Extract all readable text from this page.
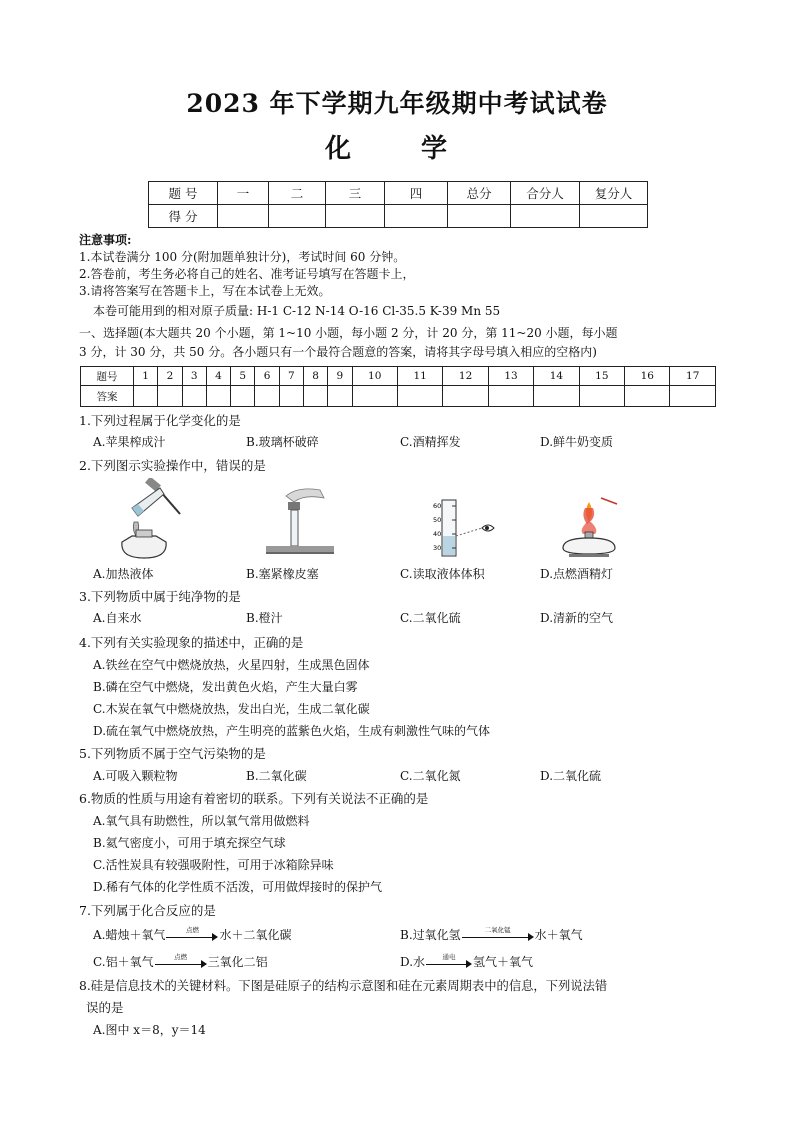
2023 年下学期九年级期中考试试卷
化　学
题 号	一	二	三	四	总分	合分人	复分人
得 分							
注意事项:
1.本试卷满分 100 分(附加题单独计分)，考试时间 60 分钟。
2.答卷前，考生务必将自己的姓名、准考证号填写在答题卡上，
3.请将答案写在答题卡上，写在本试卷上无效。
本卷可能用到的相对原子质量: H-1 C-12 N-14 O-16 Cl-35.5 K-39 Mn 55
一、选择题(本大题共 20 个小题，第 1~10 小题，每小题 2 分，计 20 分，第 11~20 小题，每小题
3 分，计 30 分，共 50 分。各小题只有一个最符合题意的答案，请将其字母号填入相应的空格内)
题号	1	2	3	4	5	6	7	8	9	10	11	12	13	14	15	16	17
答案																	
1.下列过程属于化学变化的是
A.苹果榨成汁	B.玻璃杯破碎	C.酒精挥发	D.鲜牛奶变质
2.下列图示实验操作中，错误的是
60
50
40
30
A.加热液体	B.塞紧橡皮塞	C.读取液体体积	D.点燃酒精灯
3.下列物质中属于纯净物的是
A.自来水	B.橙汁	C.二氧化硫	D.清新的空气
4.下列有关实验现象的描述中，正确的是
A.铁丝在空气中燃烧放热，火星四射，生成黑色固体
B.磷在空气中燃烧，发出黄色火焰，产生大量白雾
C.木炭在氧气中燃烧放热，发出白光，生成二氧化碳
D.硫在氧气中燃烧放热，产生明亮的蓝紫色火焰，生成有刺激性气味的气体
5.下列物质不属于空气污染物的是
A.可吸入颗粒物	B.二氧化碳	C.二氧化氮	D.二氧化硫
6.物质的性质与用途有着密切的联系。下列有关说法不正确的是
A.氧气具有助燃性，所以氧气常用做燃料
B.氦气密度小，可用于填充探空气球
C.活性炭具有较强吸附性，可用于冰箱除异味
D.稀有气体的化学性质不活泼，可用做焊接时的保护气
7.下列属于化合反应的是
A.蜡烛＋氧气	点燃	水＋二氧化碳	B.过氧化氢	二氧化锰	水＋氧气
C.铝＋氧气	点燃	三氧化二铝	D.水	通电	氢气＋氧气
8.硅是信息技术的关键材料。下图是硅原子的结构示意图和硅在元素周期表中的信息，下列说法错
误的是
A.图中 x＝8，y＝14
